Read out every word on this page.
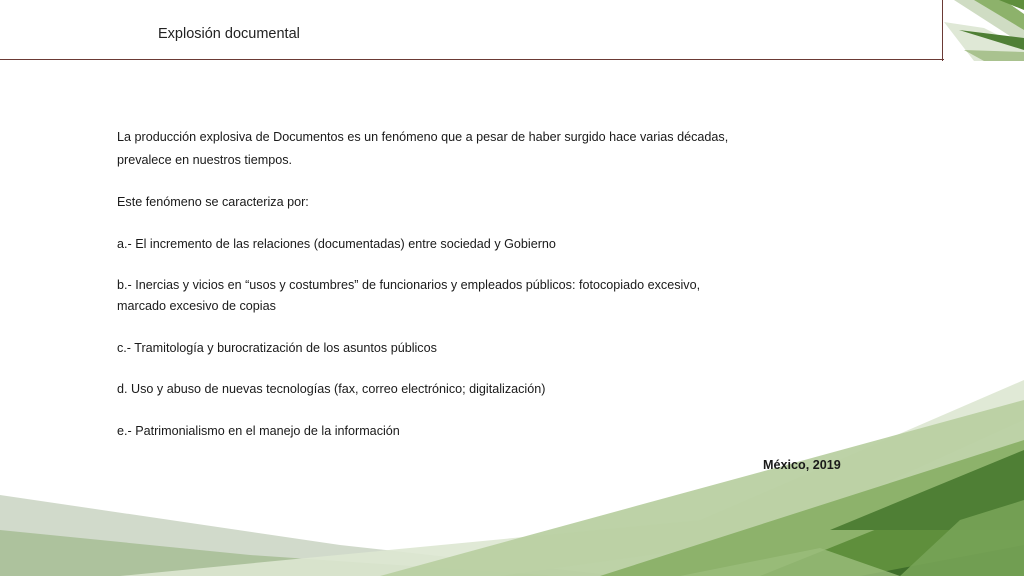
Explosión documental

La producción explosiva de Documentos es un fenómeno que a pesar de haber surgido hace varias décadas, prevalece en nuestros tiempos.

Este fenómeno se caracteriza por:

a.- El incremento de las relaciones (documentadas) entre sociedad y Gobierno

b.- Inercias y vicios en “usos y costumbres” de funcionarios y empleados públicos: fotocopiado excesivo, marcado excesivo de copias

c.- Tramitología y burocratización de los asuntos públicos

d. Uso y abuso de nuevas tecnologías (fax, correo electrónico; digitalización)

e.- Patrimonialismo en el manejo de la información

México, 2019
